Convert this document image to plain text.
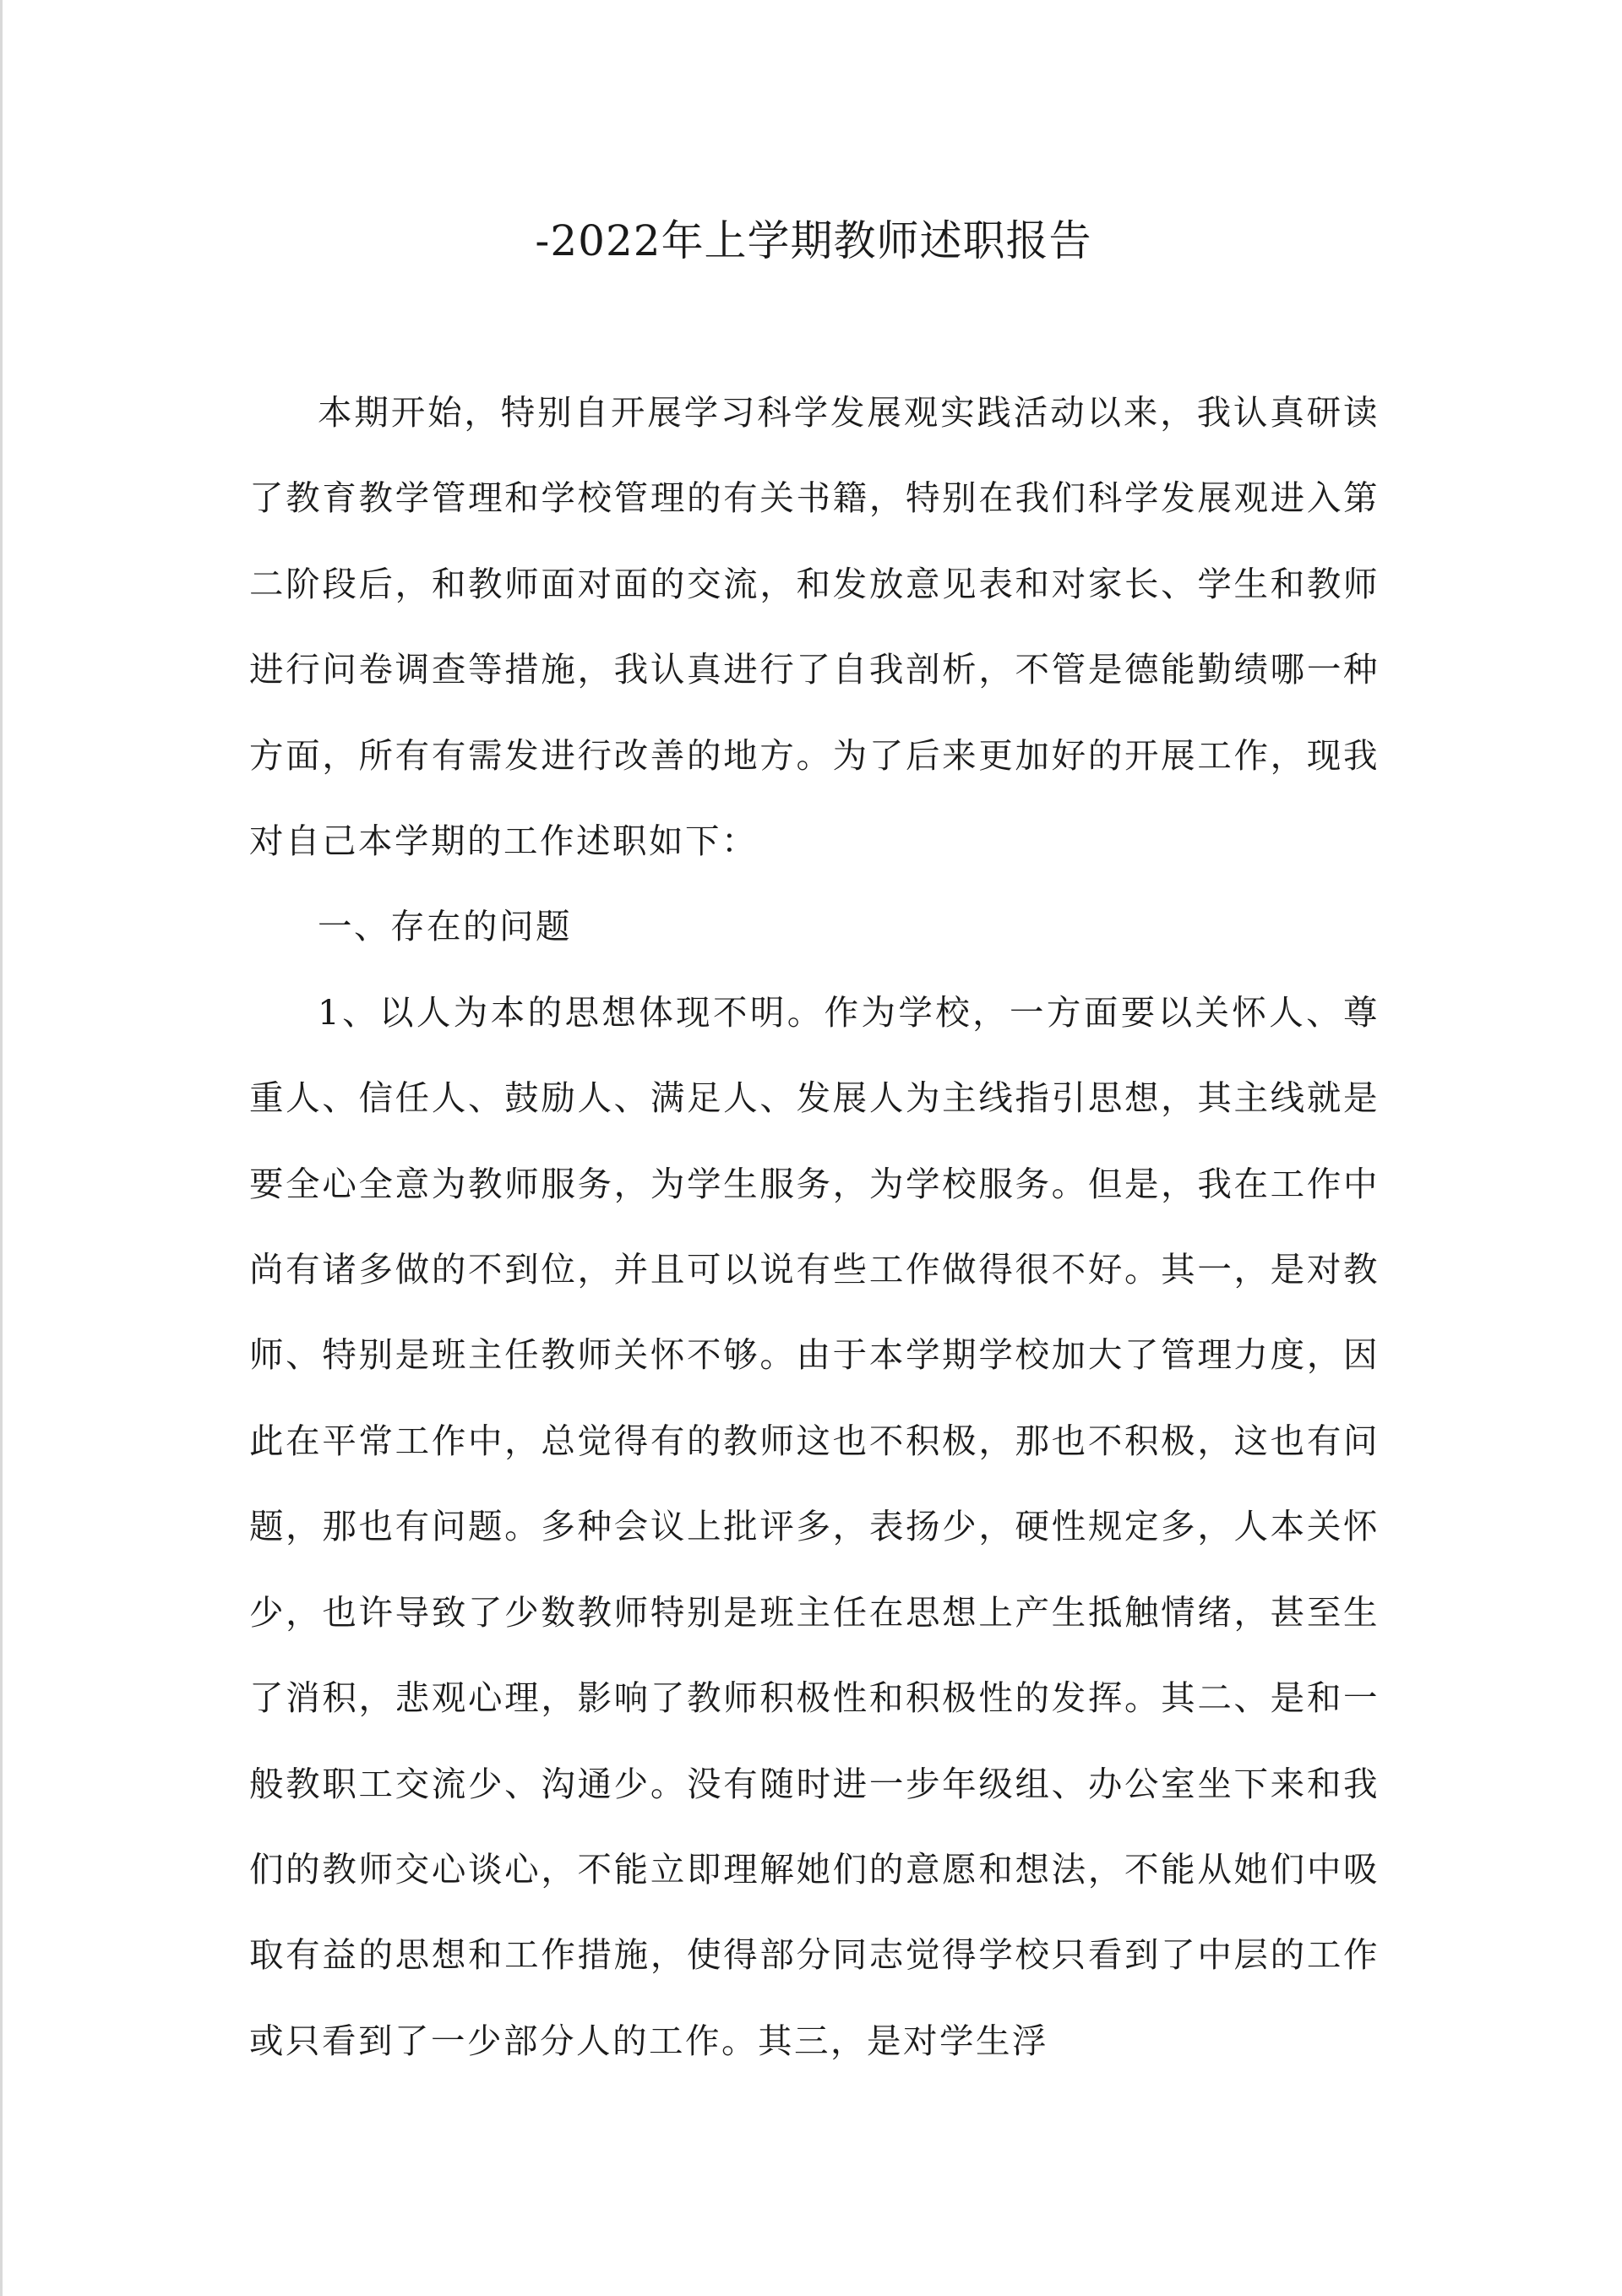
-2022年上学期教师述职报告

本期开始，特别自开展学习科学发展观实践活动以来，我认真研读了教育教学管理和学校管理的有关书籍，特别在我们科学发展观进入第二阶段后，和教师面对面的交流，和发放意见表和对家长、学生和教师进行问卷调查等措施，我认真进行了自我剖析，不管是德能勤绩哪一种方面，所有有需发进行改善的地方。为了后来更加好的开展工作，现我对自己本学期的工作述职如下：

一、存在的问题

1、以人为本的思想体现不明。作为学校，一方面要以关怀人、尊重人、信任人、鼓励人、满足人、发展人为主线指引思想，其主线就是要全心全意为教师服务，为学生服务，为学校服务。但是，我在工作中尚有诸多做的不到位，并且可以说有些工作做得很不好。其一，是对教师、特别是班主任教师关怀不够。由于本学期学校加大了管理力度，因此在平常工作中，总觉得有的教师这也不积极，那也不积极，这也有问题，那也有问题。多种会议上批评多，表扬少，硬性规定多，人本关怀少，也许导致了少数教师特别是班主任在思想上产生抵触情绪，甚至生了消积，悲观心理，影响了教师积极性和积极性的发挥。其二、是和一般教职工交流少、沟通少。没有随时进一步年级组、办公室坐下来和我们的教师交心谈心，不能立即理解她们的意愿和想法，不能从她们中吸取有益的思想和工作措施，使得部分同志觉得学校只看到了中层的工作或只看到了一少部分人的工作。其三，是对学生浮
